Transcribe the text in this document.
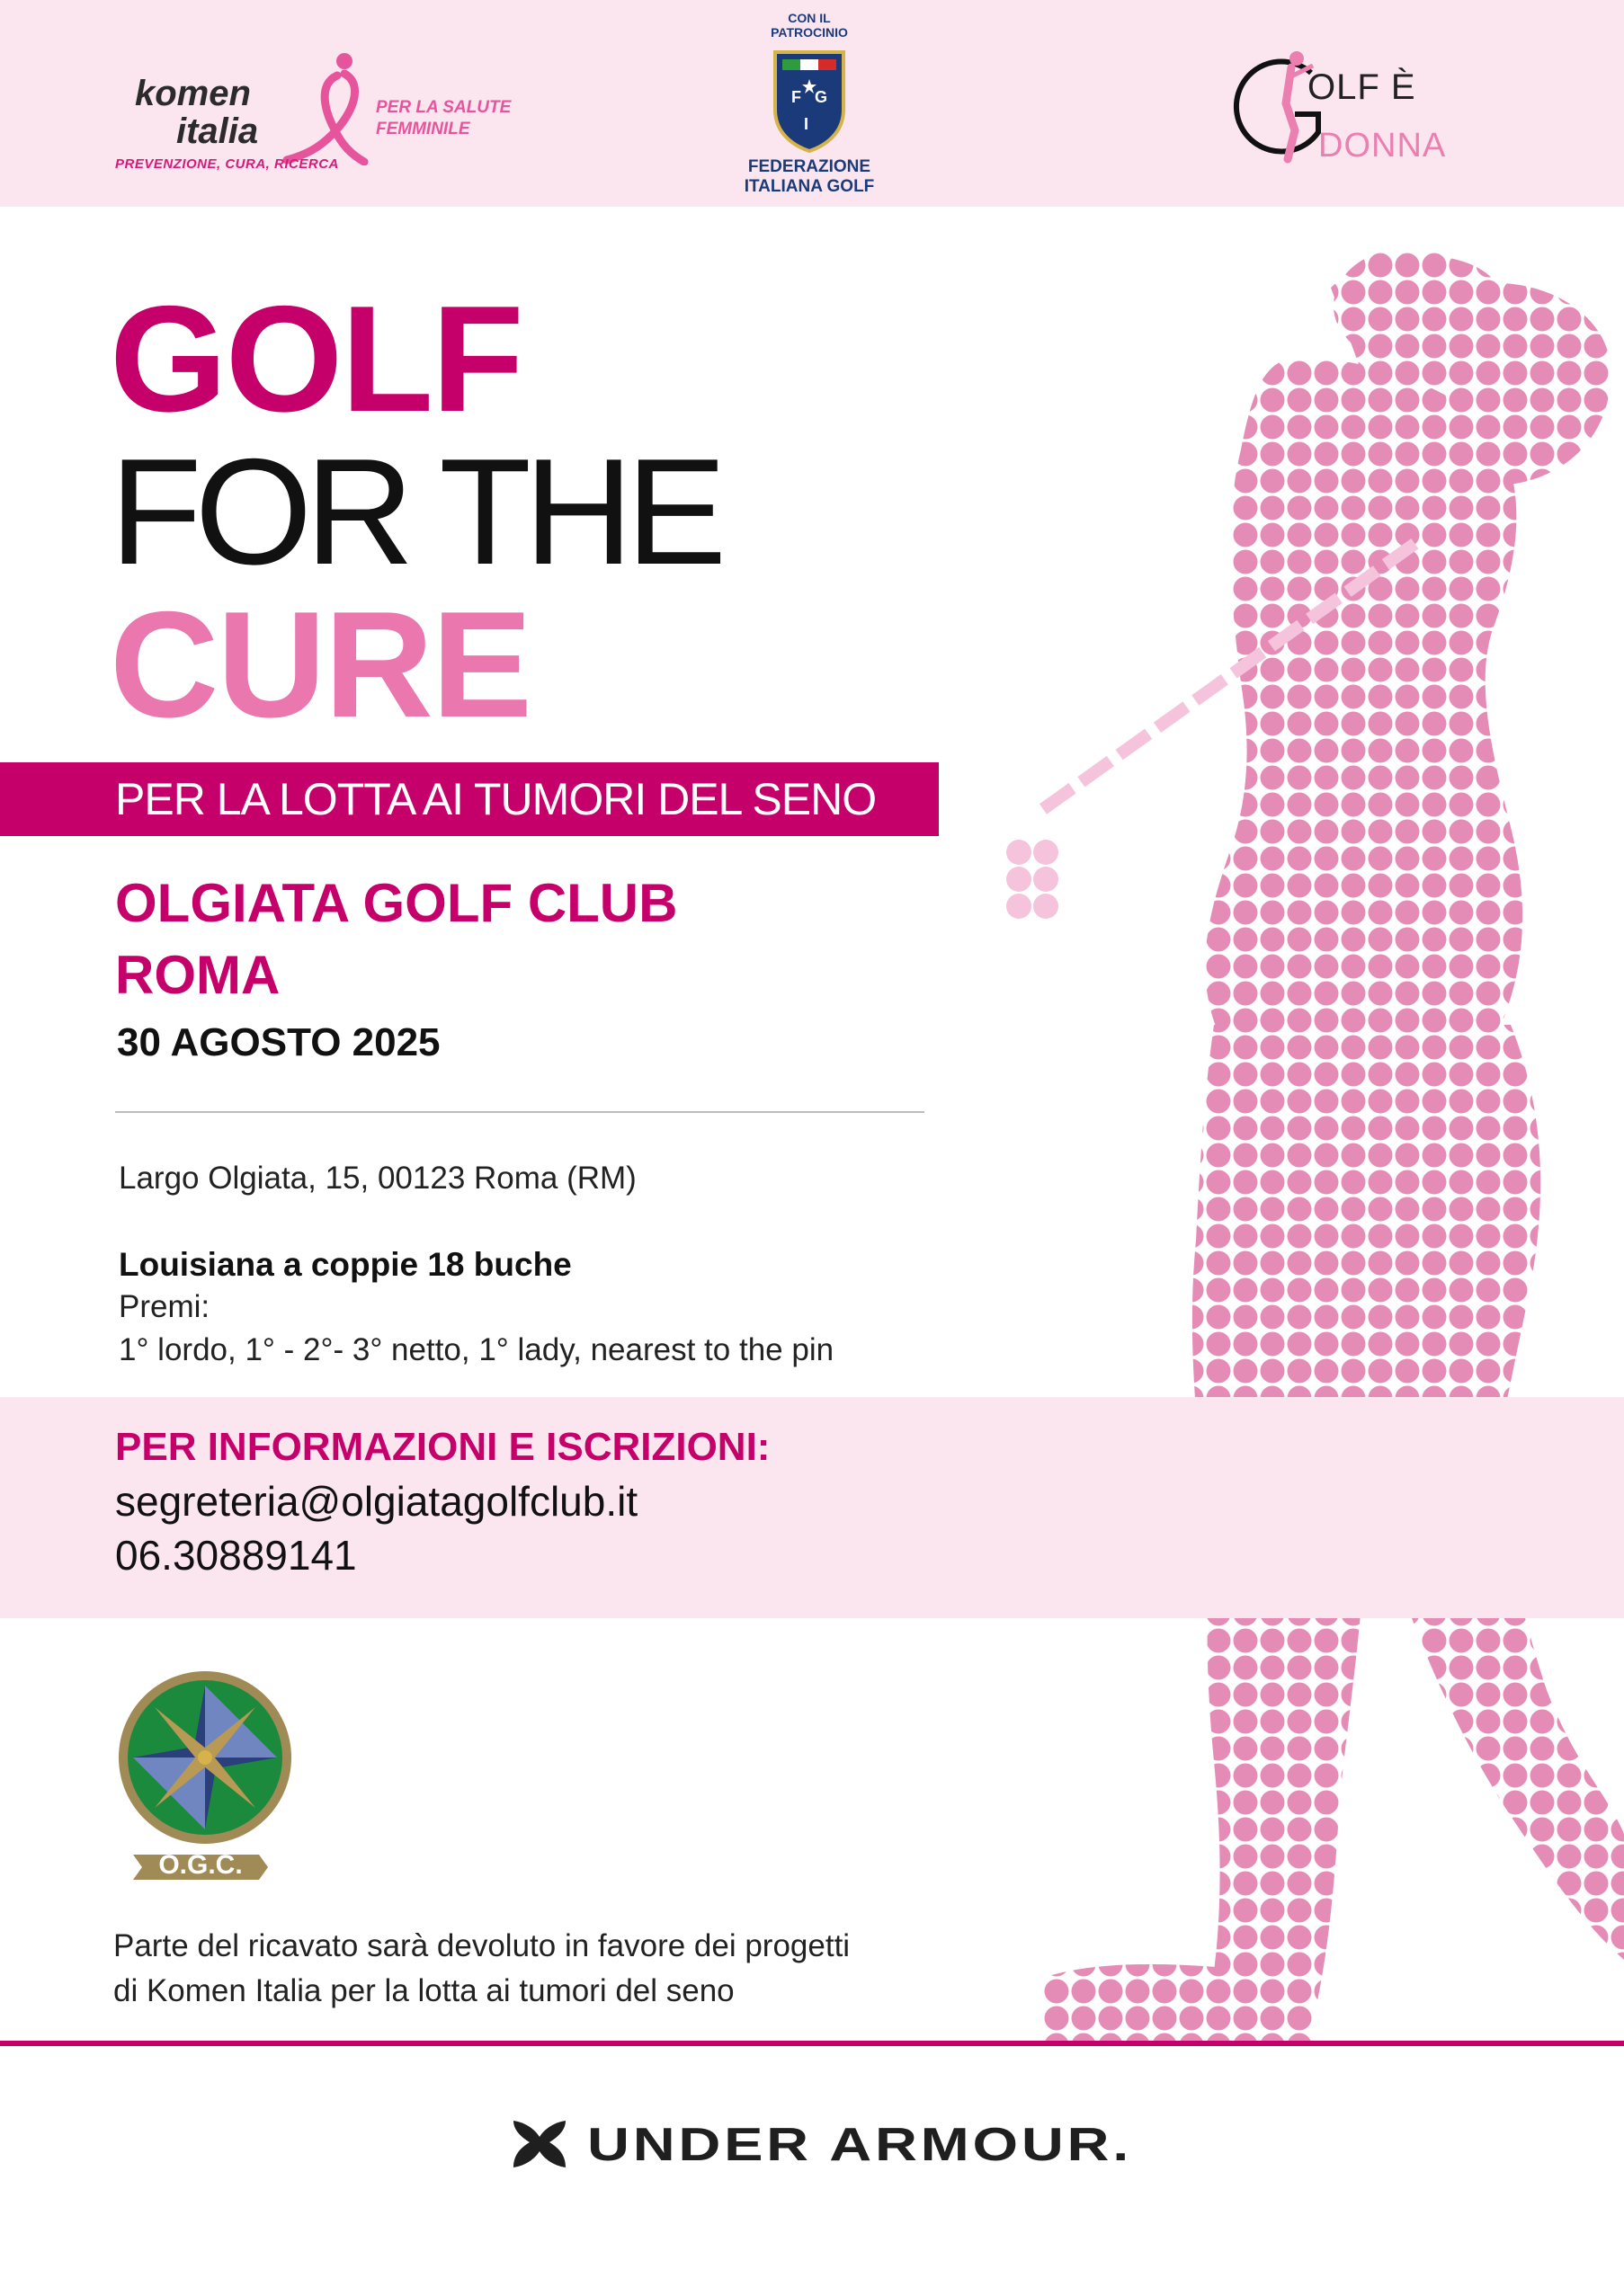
komen
italia
PREVENZIONE, CURA, RICERCA
PER LA SALUTE
FEMMINILE
CON IL
PATROCINIO
F G
I
FEDERAZIONE
ITALIANA GOLF
OLF È
DONNA
GOLF
FOR THE
CURE
PER LA LOTTA AI TUMORI DEL SENO
OLGIATA GOLF CLUB
ROMA
30 AGOSTO 2025
Largo Olgiata, 15, 00123 Roma (RM)
Louisiana a coppie 18 buche
Premi:
1° lordo, 1° - 2°- 3° netto, 1° lady, nearest to the pin
PER INFORMAZIONI E ISCRIZIONI:
segreteria@olgiatagolfclub.it
06.30889141
O.G.C.
Parte del ricavato sarà devoluto in favore dei progetti
di Komen Italia per la lotta ai tumori del seno
UNDER ARMOUR.
